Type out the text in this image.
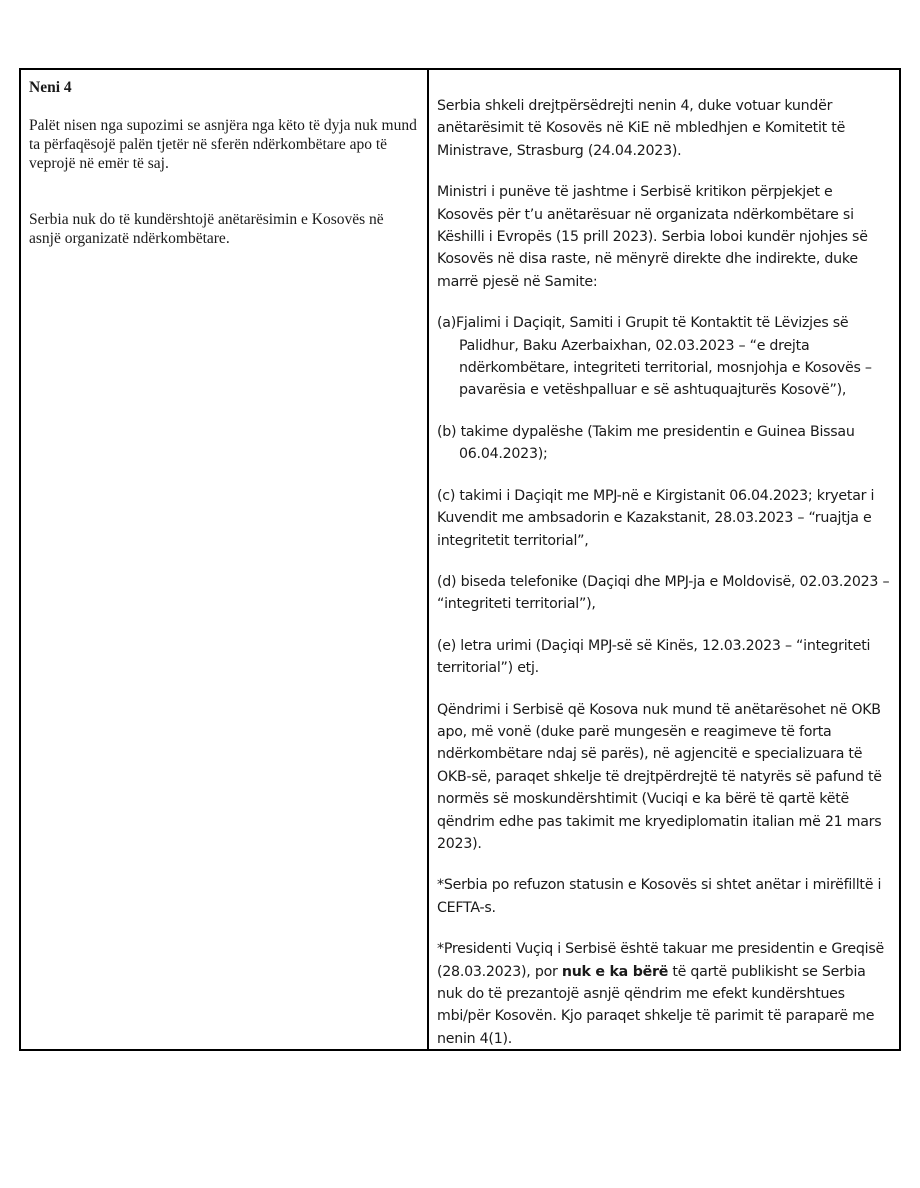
Neni 4

Palët nisen nga supozimi se asnjëra nga këto të dyja nuk mund ta përfaqësojë palën tjetër në sferën ndërkombëtare apo të veprojë në emër të saj.

Serbia nuk do të kundërshtojë anëtarësimin e Kosovës në asnjë organizatë ndërkombëtare.

Serbia shkeli drejtpërsëdrejti nenin 4, duke votuar kundër anëtarësimit të Kosovës në KiE në mbledhjen e Komitetit të Ministrave, Strasburg (24.04.2023).

Ministri i punëve të jashtme i Serbisë kritikon përpjekjet e Kosovës për t’u anëtarësuar në organizata ndërkombëtare si Këshilli i Evropës (15 prill 2023). Serbia loboi kundër njohjes së Kosovës në disa raste, në mënyrë direkte dhe indirekte, duke marrë pjesë në Samite:

(a)Fjalimi i Daçiqit, Samiti i Grupit të Kontaktit të Lëvizjes së Palidhur, Baku Azerbaixhan, 02.03.2023 – “e drejta ndërkombëtare, integriteti territorial, mosnjohja e Kosovës – pavarësia e vetëshpalluar e së ashtuquajturës Kosovë”),

(b) takime dypalëshe (Takim me presidentin e Guinea Bissau 06.04.2023);

(c) takimi i Daçiqit me MPJ-në e Kirgistanit 06.04.2023; kryetar i Kuvendit me ambsadorin e Kazakstanit, 28.03.2023 – “ruajtja e integritetit territorial”,

(d) biseda telefonike (Daçiqi dhe MPJ-ja e Moldovisë, 02.03.2023 – “integriteti territorial”),

(e) letra urimi (Daçiqi MPJ-së së Kinës, 12.03.2023 – “integriteti territorial”) etj.

Qëndrimi i Serbisë që Kosova nuk mund të anëtarësohet në OKB apo, më vonë (duke parë mungesën e reagimeve të forta ndërkombëtare ndaj së parës), në agjencitë e specializuara të OKB-së, paraqet shkelje të drejtpërdrejtë të natyrës së pafund të normës së moskundërshtimit (Vuciqi e ka bërë të qartë këtë qëndrim edhe pas takimit me kryediplomatin italian më 21 mars 2023).

*Serbia po refuzon statusin e Kosovës si shtet anëtar i mirëfilltë i CEFTA-s.

*Presidenti Vuçiq i Serbisë është takuar me presidentin e Greqisë (28.03.2023), por nuk e ka bërë të qartë publikisht se Serbia nuk do të prezantojë asnjë qëndrim me efekt kundërshtues mbi/për Kosovën. Kjo paraqet shkelje të parimit të paraparë me nenin 4(1).
